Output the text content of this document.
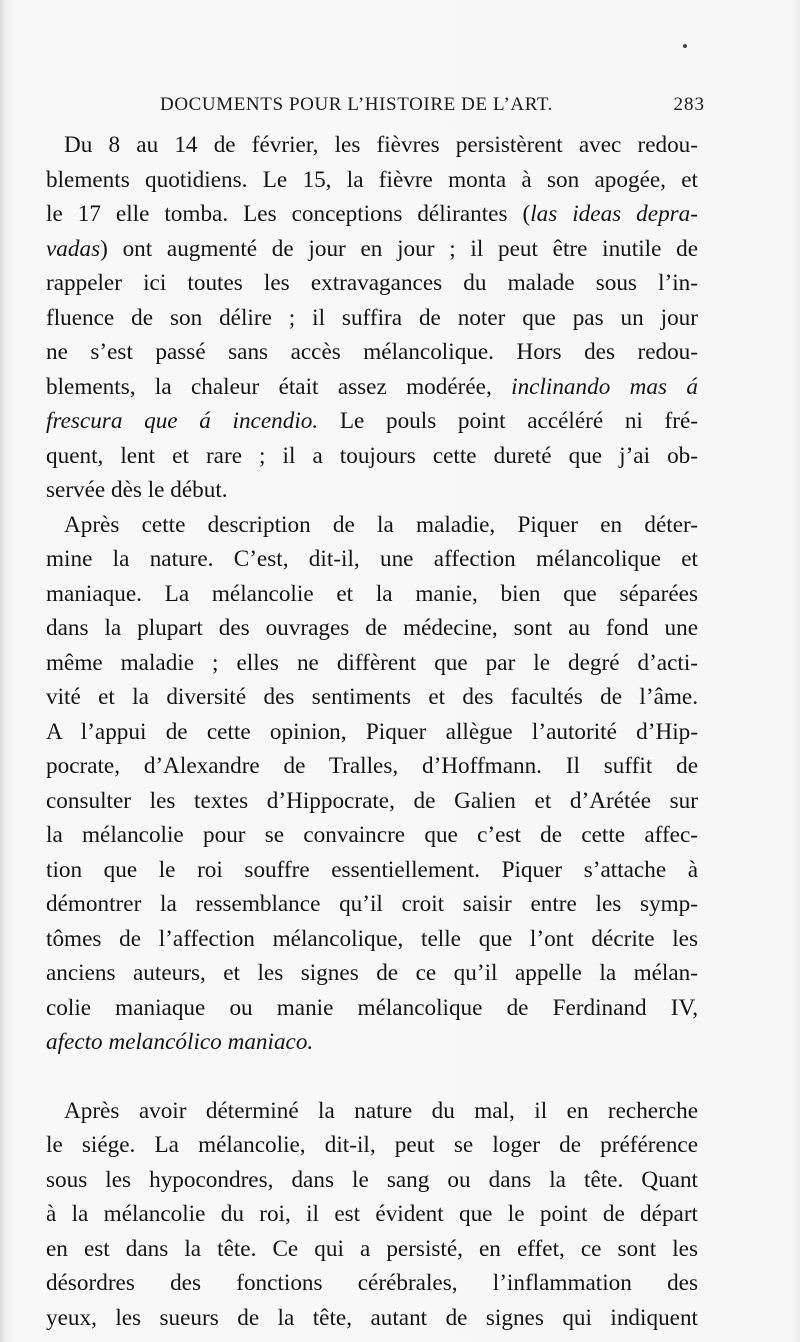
DOCUMENTS POUR L’HISTOIRE DE L’ART.	283
Du 8 au 14 de février, les fièvres persistèrent avec redou-
blements quotidiens. Le 15, la fièvre monta à son apogée, et
le 17 elle tomba. Les conceptions délirantes (las ideas depra-
vadas) ont augmenté de jour en jour ; il peut être inutile de
rappeler ici toutes les extravagances du malade sous l’in-
fluence de son délire ; il suffira de noter que pas un jour
ne s’est passé sans accès mélancolique. Hors des redou-
blements, la chaleur était assez modérée, inclinando mas á
frescura que á incendio. Le pouls point accéléré ni fré-
quent, lent et rare ; il a toujours cette dureté que j’ai ob-
servée dès le début.
Après cette description de la maladie, Piquer en déter-
mine la nature. C’est, dit-il, une affection mélancolique et
maniaque. La mélancolie et la manie, bien que séparées
dans la plupart des ouvrages de médecine, sont au fond une
même maladie ; elles ne diffèrent que par le degré d’acti-
vité et la diversité des sentiments et des facultés de l’âme.
A l’appui de cette opinion, Piquer allègue l’autorité d’Hip-
pocrate, d’Alexandre de Tralles, d’Hoffmann. Il suffit de
consulter les textes d’Hippocrate, de Galien et d’Arétée sur
la mélancolie pour se convaincre que c’est de cette affec-
tion que le roi souffre essentiellement. Piquer s’attache à
démontrer la ressemblance qu’il croit saisir entre les symp-
tômes de l’affection mélancolique, telle que l’ont décrite les
anciens auteurs, et les signes de ce qu’il appelle la mélan-
colie maniaque ou manie mélancolique de Ferdinand IV,
afecto melancólico maniaco.
Après avoir déterminé la nature du mal, il en recherche
le siége. La mélancolie, dit-il, peut se loger de préférence
sous les hypocondres, dans le sang ou dans la tête. Quant
à la mélancolie du roi, il est évident que le point de départ
en est dans la tête. Ce qui a persisté, en effet, ce sont les
désordres des fonctions cérébrales, l’inflammation des
yeux, les sueurs de la tête, autant de signes qui indiquent
